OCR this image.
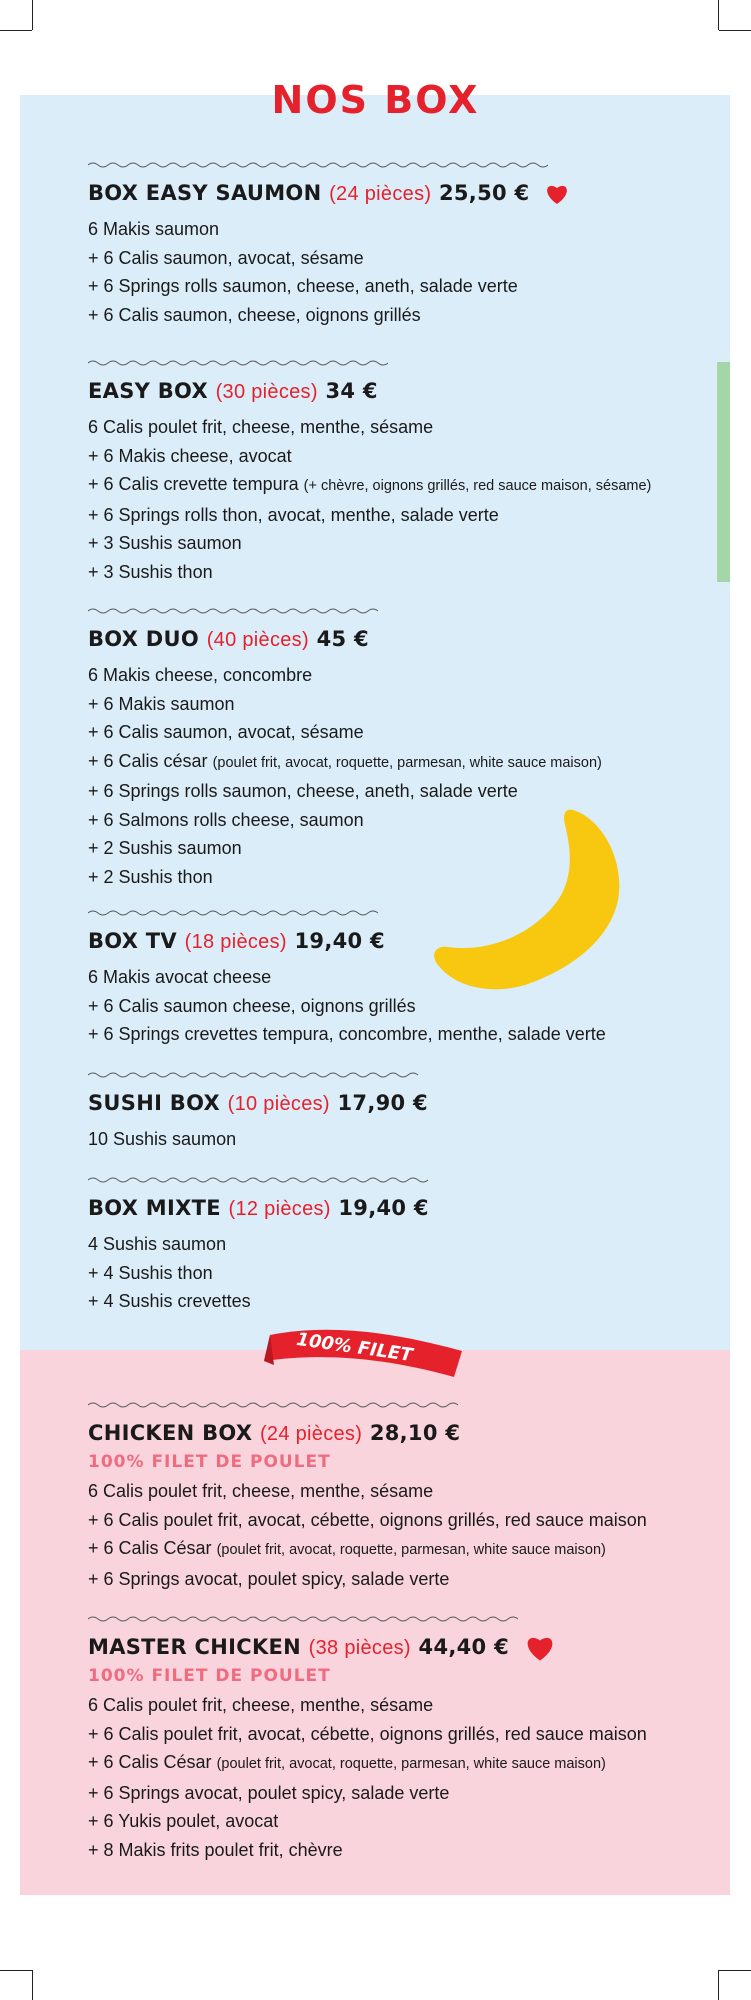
NOS BOX
100% FILET
BOX EASY SAUMON (24 pièces) 25,50 €
6 Makis saumon
+ 6 Calis saumon, avocat, sésame
+ 6 Springs rolls saumon, cheese, aneth, salade verte
+ 6 Calis saumon, cheese, oignons grillés
EASY BOX (30 pièces) 34 €
6 Calis poulet frit, cheese, menthe, sésame
+ 6 Makis cheese, avocat
+ 6 Calis crevette tempura (+ chèvre, oignons grillés, red sauce maison, sésame)
+ 6 Springs rolls thon, avocat, menthe, salade verte
+ 3 Sushis saumon
+ 3 Sushis thon
BOX DUO (40 pièces) 45 €
6 Makis cheese, concombre
+ 6 Makis saumon
+ 6 Calis saumon, avocat, sésame
+ 6 Calis césar (poulet frit, avocat, roquette, parmesan, white sauce maison)
+ 6 Springs rolls saumon, cheese, aneth, salade verte
+ 6 Salmons rolls cheese, saumon
+ 2 Sushis saumon
+ 2 Sushis thon
BOX TV (18 pièces) 19,40 €
6 Makis avocat cheese
+ 6 Calis saumon cheese, oignons grillés
+ 6 Springs crevettes tempura, concombre, menthe, salade verte
SUSHI BOX (10 pièces) 17,90 €
10 Sushis saumon
BOX MIXTE (12 pièces) 19,40 €
4 Sushis saumon
+ 4 Sushis thon
+ 4 Sushis crevettes
CHICKEN BOX (24 pièces) 28,10 €
100% FILET DE POULET
6 Calis poulet frit, cheese, menthe, sésame
+ 6 Calis poulet frit, avocat, cébette, oignons grillés, red sauce maison
+ 6 Calis César (poulet frit, avocat, roquette, parmesan, white sauce maison)
+ 6 Springs avocat, poulet spicy, salade verte
MASTER CHICKEN (38 pièces) 44,40 €
100% FILET DE POULET
6 Calis poulet frit, cheese, menthe, sésame
+ 6 Calis poulet frit, avocat, cébette, oignons grillés, red sauce maison
+ 6 Calis César (poulet frit, avocat, roquette, parmesan, white sauce maison)
+ 6 Springs avocat, poulet spicy, salade verte
+ 6 Yukis poulet, avocat
+ 8 Makis frits poulet frit, chèvre
